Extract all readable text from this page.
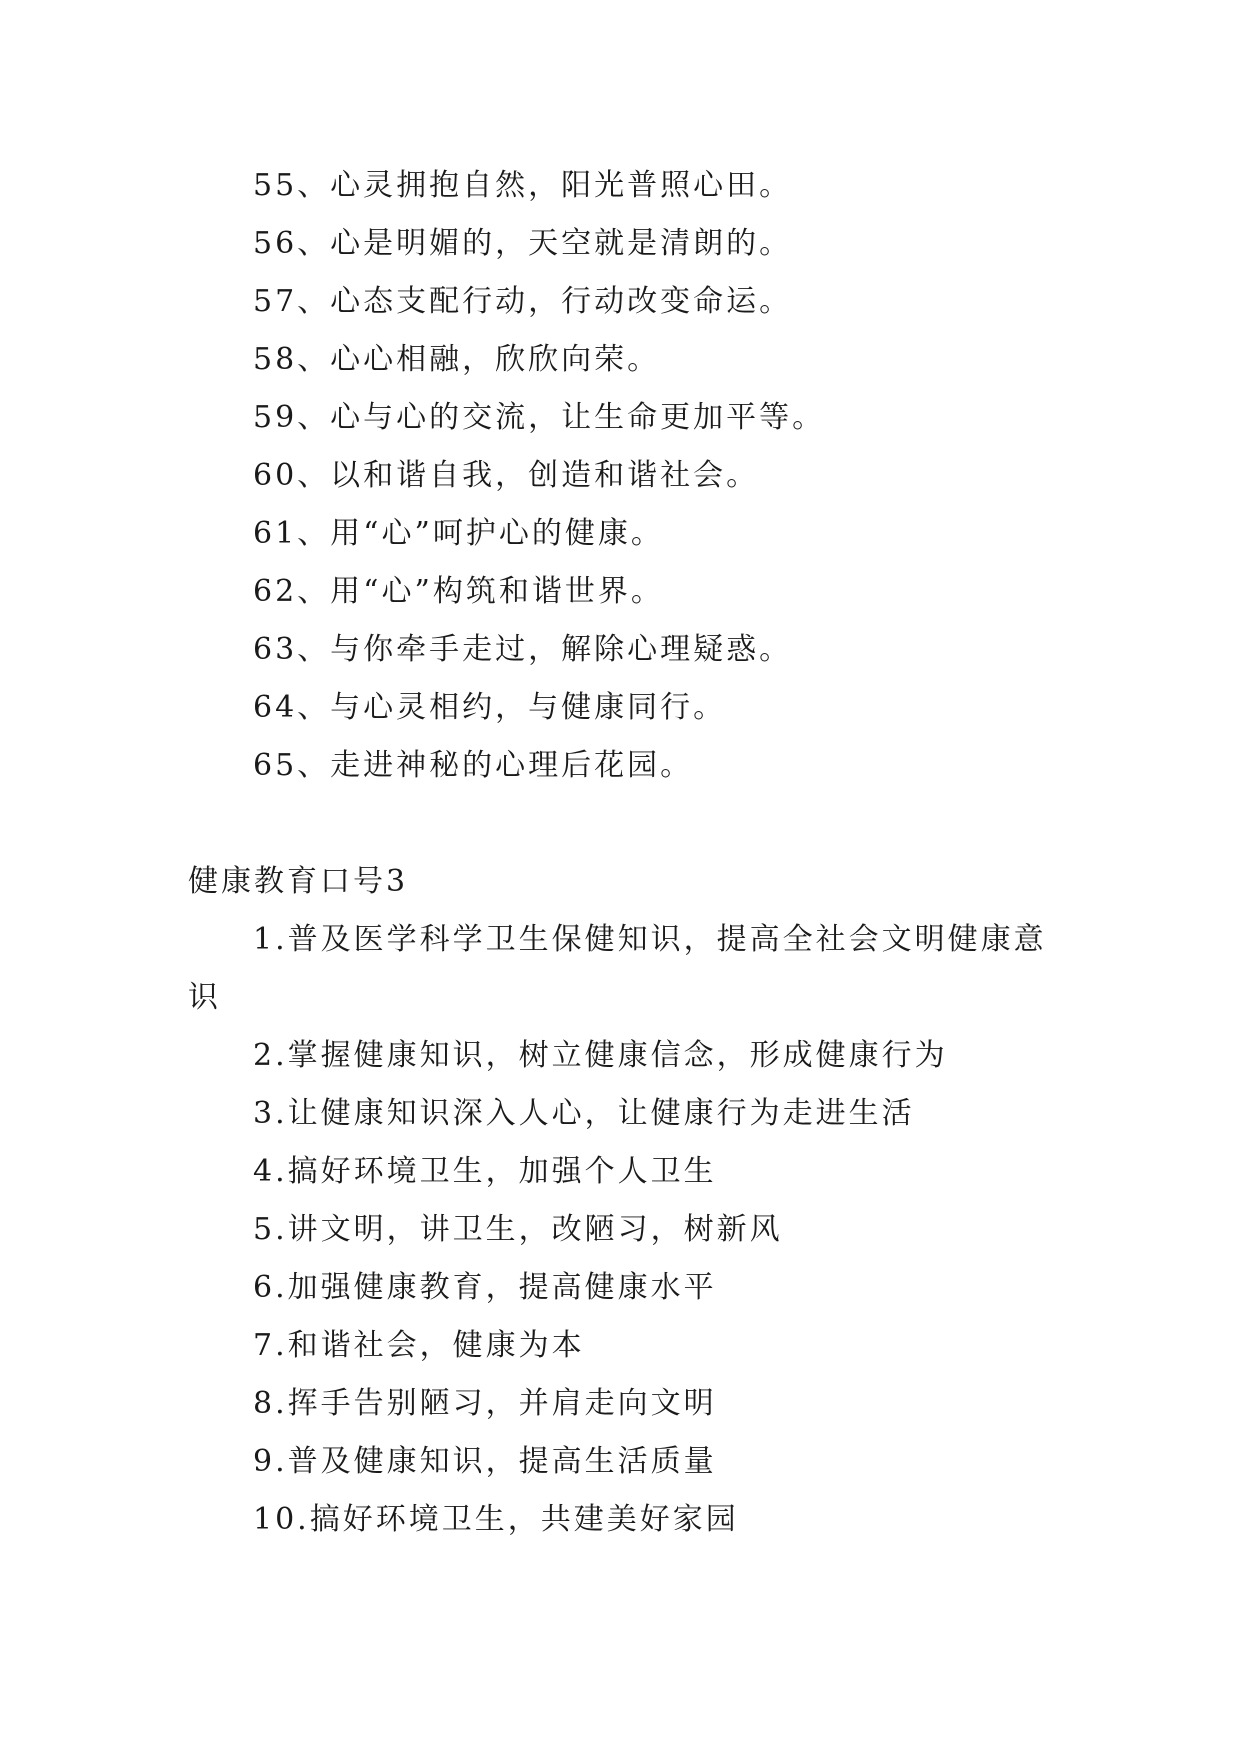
55、心灵拥抱自然，阳光普照心田。
56、心是明媚的，天空就是清朗的。
57、心态支配行动，行动改变命运。
58、心心相融，欣欣向荣。
59、心与心的交流，让生命更加平等。
60、以和谐自我，创造和谐社会。
61、用“心”呵护心的健康。
62、用“心”构筑和谐世界。
63、与你牵手走过，解除心理疑惑。
64、与心灵相约，与健康同行。
65、走进神秘的心理后花园。
健康教育口号3
1.普及医学科学卫生保健知识，提高全社会文明健康意
识
2.掌握健康知识，树立健康信念，形成健康行为
3.让健康知识深入人心，让健康行为走进生活
4.搞好环境卫生，加强个人卫生
5.讲文明，讲卫生，改陋习，树新风
6.加强健康教育，提高健康水平
7.和谐社会，健康为本
8.挥手告别陋习，并肩走向文明
9.普及健康知识，提高生活质量
10.搞好环境卫生，共建美好家园
